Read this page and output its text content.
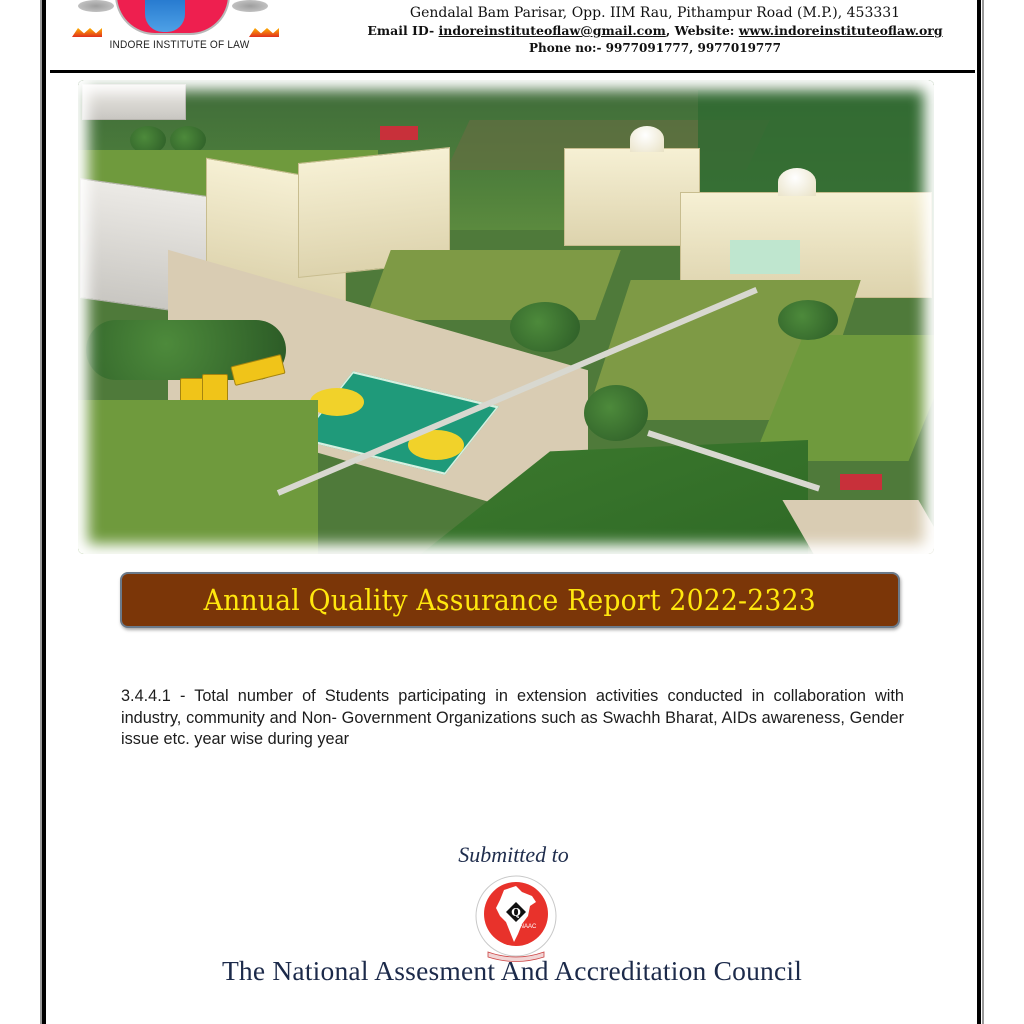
INDORE INSTITUTE OF LAW
Gendalal Bam Parisar, Opp. IIM Rau, Pithampur Road (M.P.), 453331
Email ID- indoreinstituteoflaw@gmail.com, Website: www.indoreinstituteoflaw.org
Phone no:- 9977091777, 9977019777
Annual Quality Assurance Report 2022-2323

3.4.4.1 - Total number of Students participating in extension activities conducted in collaboration with industry, community and Non- Government Organizations such as Swachh Bharat, AIDs awareness, Gender issue etc. year wise during year

Submitted to
Q
NAAC
The National Assesment And Accreditation Council
